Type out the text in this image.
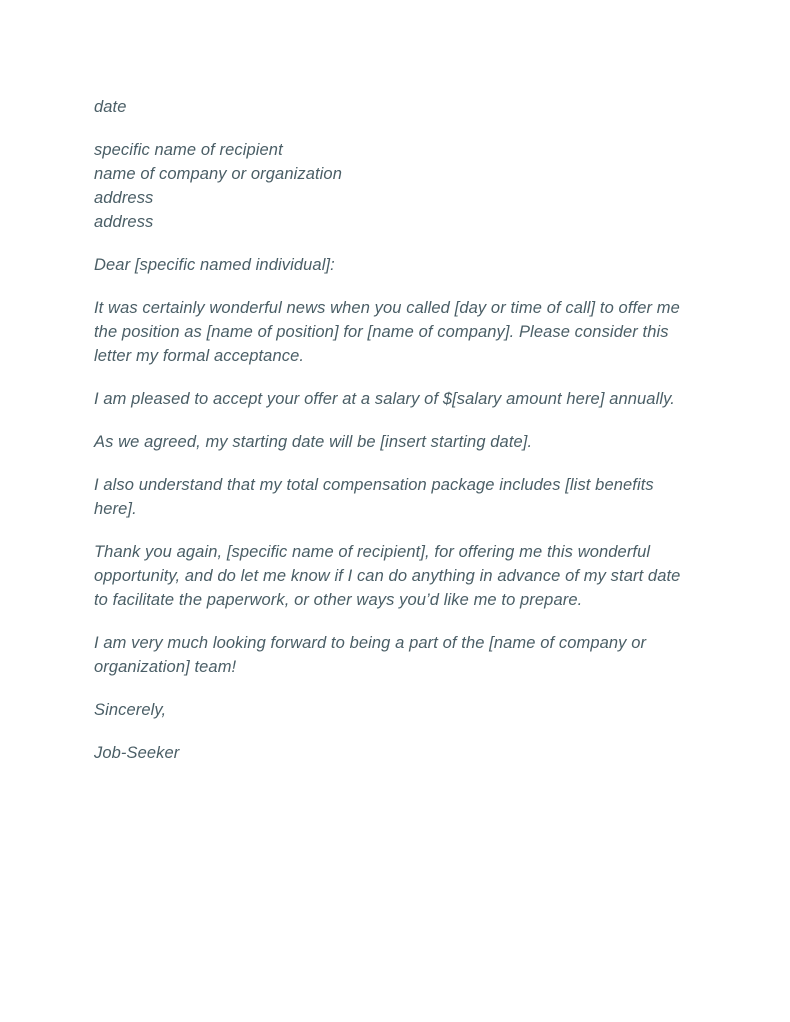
date

specific name of recipient
name of company or organization
address
address

Dear [specific named individual]:

It was certainly wonderful news when you called [day or time of call] to offer me
the position as [name of position] for [name of company]. Please consider this
letter my formal acceptance.

I am pleased to accept your offer at a salary of $[salary amount here] annually.

As we agreed, my starting date will be [insert starting date].

I also understand that my total compensation package includes [list benefits
here].

Thank you again, [specific name of recipient], for offering me this wonderful
opportunity, and do let me know if I can do anything in advance of my start date
to facilitate the paperwork, or other ways you’d like me to prepare.

I am very much looking forward to being a part of the [name of company or
organization] team!

Sincerely,

Job-Seeker
